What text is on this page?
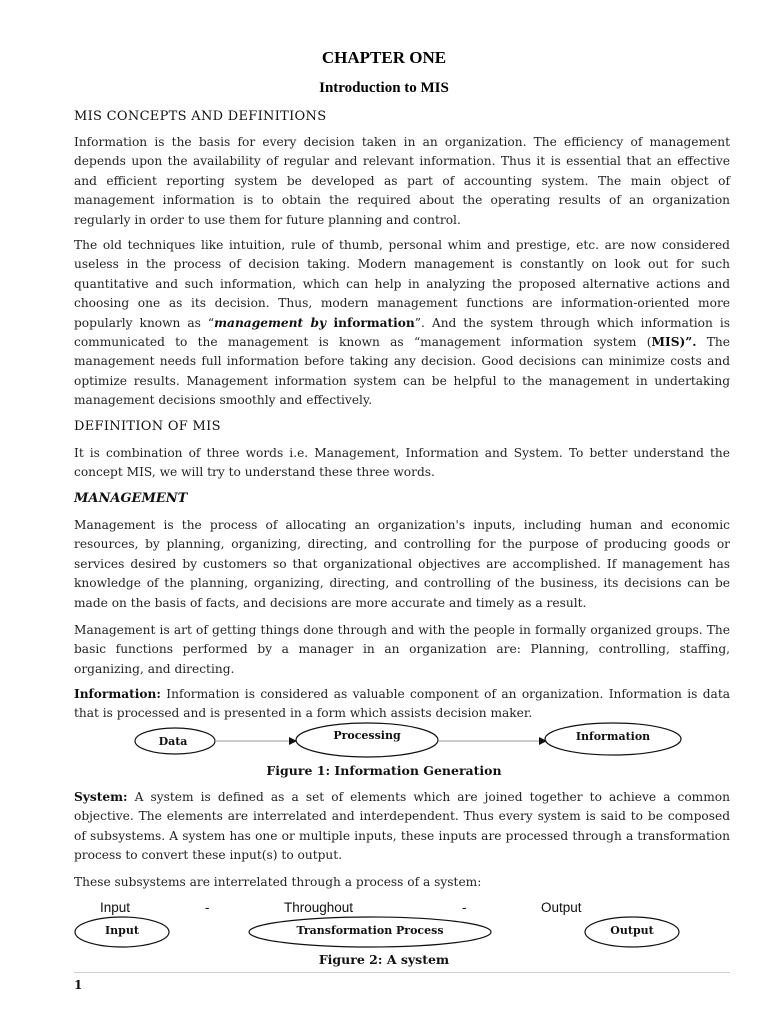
CHAPTER ONE
Introduction to MIS
MIS CONCEPTS AND DEFINITIONS

Information is the basis for every decision taken in an organization. The efficiency of management depends upon the availability of regular and relevant information. Thus it is essential that an effective and efficient reporting system be developed as part of accounting system. The main object of management information is to obtain the required about the operating results of an organization regularly in order to use them for future planning and control.

The old techniques like intuition, rule of thumb, personal whim and prestige, etc. are now considered useless in the process of decision taking. Modern management is constantly on look out for such quantitative and such information, which can help in analyzing the proposed alternative actions and choosing one as its decision. Thus, modern management functions are information-oriented more popularly known as “management by information”. And the system through which information is communicated to the management is known as “management information system (MIS)”. The management needs full information before taking any decision. Good decisions can minimize costs and optimize results. Management information system can be helpful to the management in undertaking management decisions smoothly and effectively.

DEFINITION OF MIS

It is combination of three words i.e. Management, Information and System. To better understand the concept MIS, we will try to understand these three words.

MANAGEMENT

Management is the process of allocating an organization's inputs, including human and economic resources, by planning, organizing, directing, and controlling for the purpose of producing goods or services desired by customers so that organizational objectives are accomplished. If management has knowledge of the planning, organizing, directing, and controlling of the business, its decisions can be made on the basis of facts, and decisions are more accurate and timely as a result.

Management is art of getting things done through and with the people in formally organized groups. The basic functions performed by a manager in an organization are: Planning, controlling, staffing, organizing, and directing.

Information: Information is considered as valuable component of an organization. Information is data that is processed and is presented in a form which assists decision maker.

Data	Processing	Information
Figure 1: Information Generation

System: A system is defined as a set of elements which are joined together to achieve a common objective. The elements are interrelated and interdependent. Thus every system is said to be composed of subsystems. A system has one or multiple inputs, these inputs are processed through a transformation process to convert these input(s) to output.

These subsystems are interrelated through a process of a system:

Input	-	Throughout	-	Output
Input	Transformation Process	Output
Figure 2: A system
1
